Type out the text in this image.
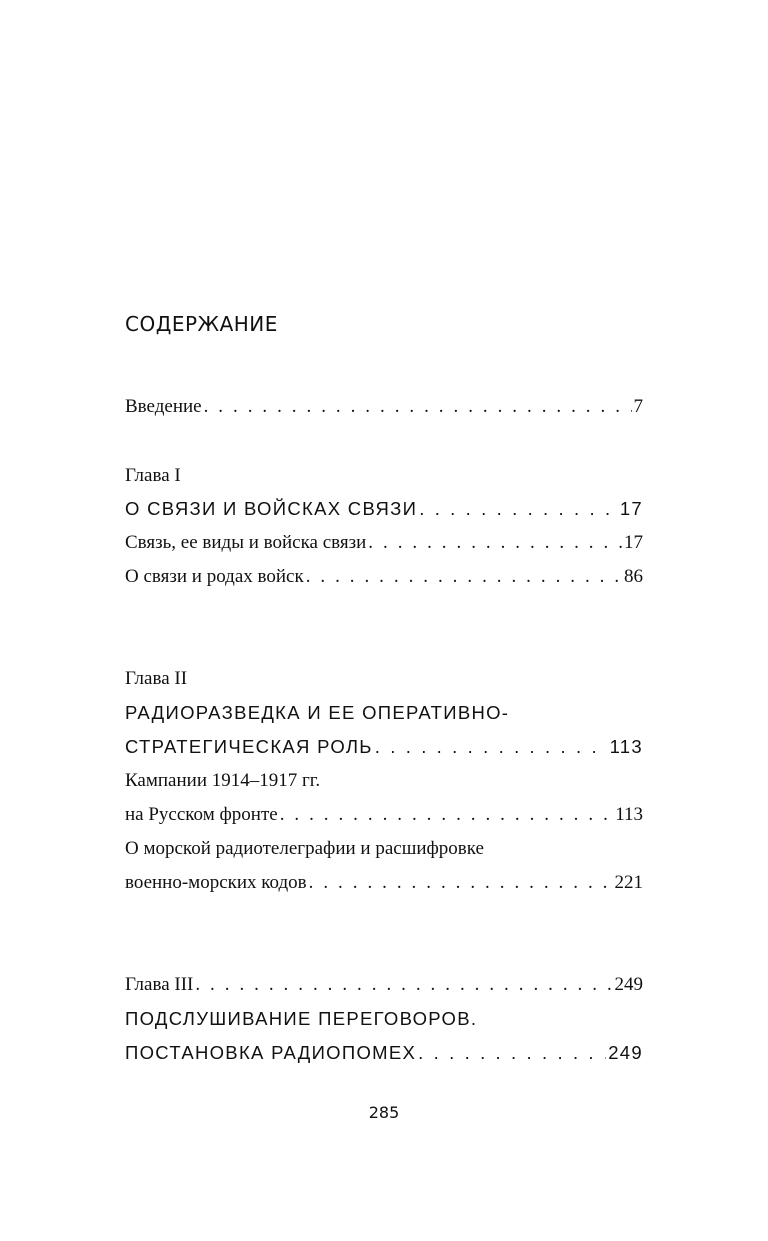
СОДЕРЖАНИЕ
Введение . . .	7
Глава I
О СВЯЗИ И ВОЙСКАХ СВЯЗИ . . .	17
Связь, ее виды и войска связи . . .	17
О связи и родах войск . . .	86
Глава II
РАДИОРАЗВЕДКА И ЕЕ ОПЕРАТИВНО-
СТРАТЕГИЧЕСКАЯ РОЛЬ . . .	113
Кампании 1914–1917 гг.
на Русском фронте . . .	113
О морской радиотелеграфии и расшифровке
военно-морских кодов . . .	221
Глава III . . .	249
ПОДСЛУШИВАНИЕ ПЕРЕГОВОРОВ.
ПОСТАНОВКА РАДИОПОМЕХ . . .	249
285
